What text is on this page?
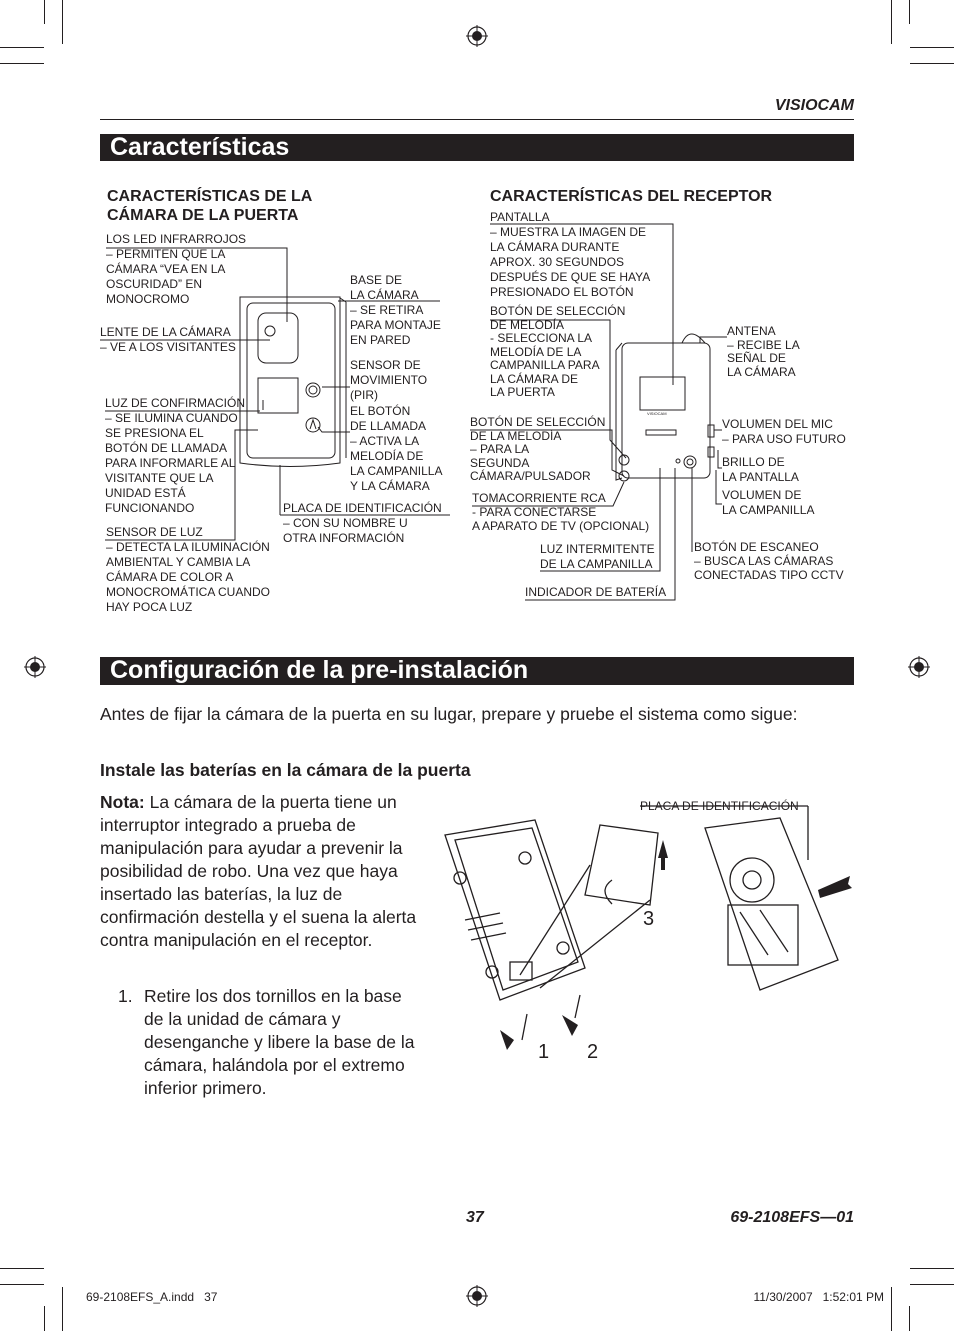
VISIOCAM
Características
VISIOCAM
CARACTERÍSTICAS DE LA
CÁMARA DE LA PUERTA
LOS LED INFRARROJOS
– PERMITEN QUE LA
CÁMARA “VEA EN LA
OSCURIDAD” EN
MONOCROMO
LENTE DE LA CÁMARA
– VE A LOS VISITANTES
LUZ DE CONFIRMACIÓN
– SE ILUMINA CUANDO
SE PRESIONA EL
BOTÓN DE LLAMADA
PARA INFORMARLE AL
VISITANTE QUE LA
UNIDAD ESTÁ
FUNCIONANDO
SENSOR DE LUZ
– DETECTA LA ILUMINACIÓN
AMBIENTAL Y CAMBIA LA
CÁMARA DE COLOR A
MONOCROMÁTICA CUANDO
HAY POCA LUZ
BASE DE
LA CÁMARA
– SE RETIRA
PARA MONTAJE
EN PARED
SENSOR DE
MOVIMIENTO
(PIR)
EL BOTÓN
DE LLAMADA
– ACTIVA LA
MELODÍA DE
LA CAMPANILLA
Y LA CÁMARA
PLACA DE IDENTIFICACIÓN
– CON SU NOMBRE U
OTRA INFORMACIÓN
CARACTERÍSTICAS DEL RECEPTOR
PANTALLA
– MUESTRA LA IMAGEN DE
LA CÁMARA DURANTE
APROX. 30 SEGUNDOS
DESPUÉS DE QUE SE HAYA
PRESIONADO EL BOTÓN
BOTÓN DE SELECCIÓN
DE MELODÍA
- SELECCIONA LA
MELODÍA DE LA
CAMPANILLA PARA
LA CÁMARA DE
LA PUERTA
BOTÓN DE SELECCIÓN
DE LA MELODÍA
– PARA LA
SEGUNDA
CÁMARA/PULSADOR
TOMACORRIENTE RCA
- PARA CONECTARSE
A APARATO DE TV (OPCIONAL)
LUZ INTERMITENTE
DE LA CAMPANILLA
INDICADOR DE BATERÍA
ANTENA
– RECIBE LA
SEÑAL DE
LA CÁMARA
VOLUMEN DEL MIC
– PARA USO FUTURO
BRILLO DE
LA PANTALLA
VOLUMEN DE
LA CAMPANILLA
BOTÓN DE ESCANEO
– BUSCA LAS CÁMARAS
CONECTADAS TIPO CCTV
Configuración de la pre-instalación
Antes de fijar la cámara de la puerta en su lugar, prepare y pruebe el sistema como sigue:
Instale las baterías en la cámara de la puerta
Nota: La cámara de la puerta tiene un interruptor integrado a prueba de manipulación para ayudar a prevenir la posibilidad de robo. Una vez que haya insertado las baterías, la luz de confirmación destella y el suena la alerta contra manipulación en el receptor.
1. Retire los dos tornillos en la base de la unidad de cámara y desenganche y libere la base de la cámara, halándola por el extremo inferior primero.
PLACA DE IDENTIFICACIÓN
1 2
3
37	69-2108EFS—01
69-2108EFS_A.indd   37	11/30/2007   1:52:01 PM
